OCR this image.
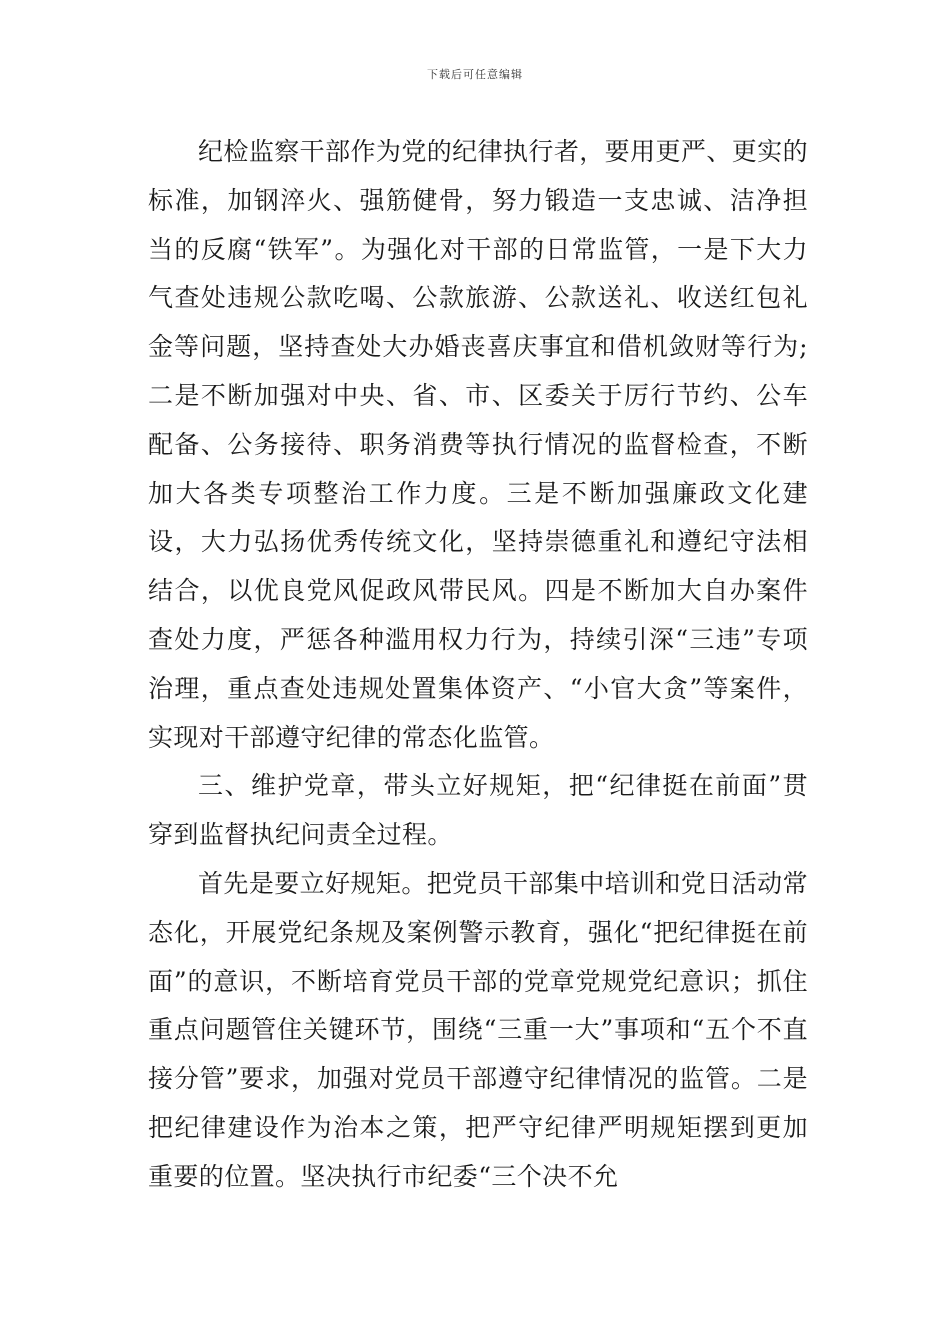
下载后可任意编辑

纪检监察干部作为党的纪律执行者，要用更严、更实的标准，加钢淬火、强筋健骨，努力锻造一支忠诚、洁净担当的反腐“铁军”。为强化对干部的日常监管，一是下大力气查处违规公款吃喝、公款旅游、公款送礼、收送红包礼金等问题，坚持查处大办婚丧喜庆事宜和借机敛财等行为;二是不断加强对中央、省、市、区委关于厉行节约、公车配备、公务接待、职务消费等执行情况的监督检查，不断加大各类专项整治工作力度。三是不断加强廉政文化建设，大力弘扬优秀传统文化，坚持崇德重礼和遵纪守法相结合，以优良党风促政风带民风。四是不断加大自办案件查处力度，严惩各种滥用权力行为，持续引深“三违”专项治理，重点查处违规处置集体资产、“小官大贪”等案件，实现对干部遵守纪律的常态化监管。

三、维护党章，带头立好规矩，把“纪律挺在前面”贯穿到监督执纪问责全过程。

首先是要立好规矩。把党员干部集中培训和党日活动常态化，开展党纪条规及案例警示教育，强化“把纪律挺在前面”的意识，不断培育党员干部的党章党规党纪意识；抓住重点问题管住关键环节，围绕“三重一大”事项和“五个不直接分管”要求，加强对党员干部遵守纪律情况的监管。二是把纪律建设作为治本之策，把严守纪律严明规矩摆到更加重要的位置。坚决执行市纪委“三个决不允
